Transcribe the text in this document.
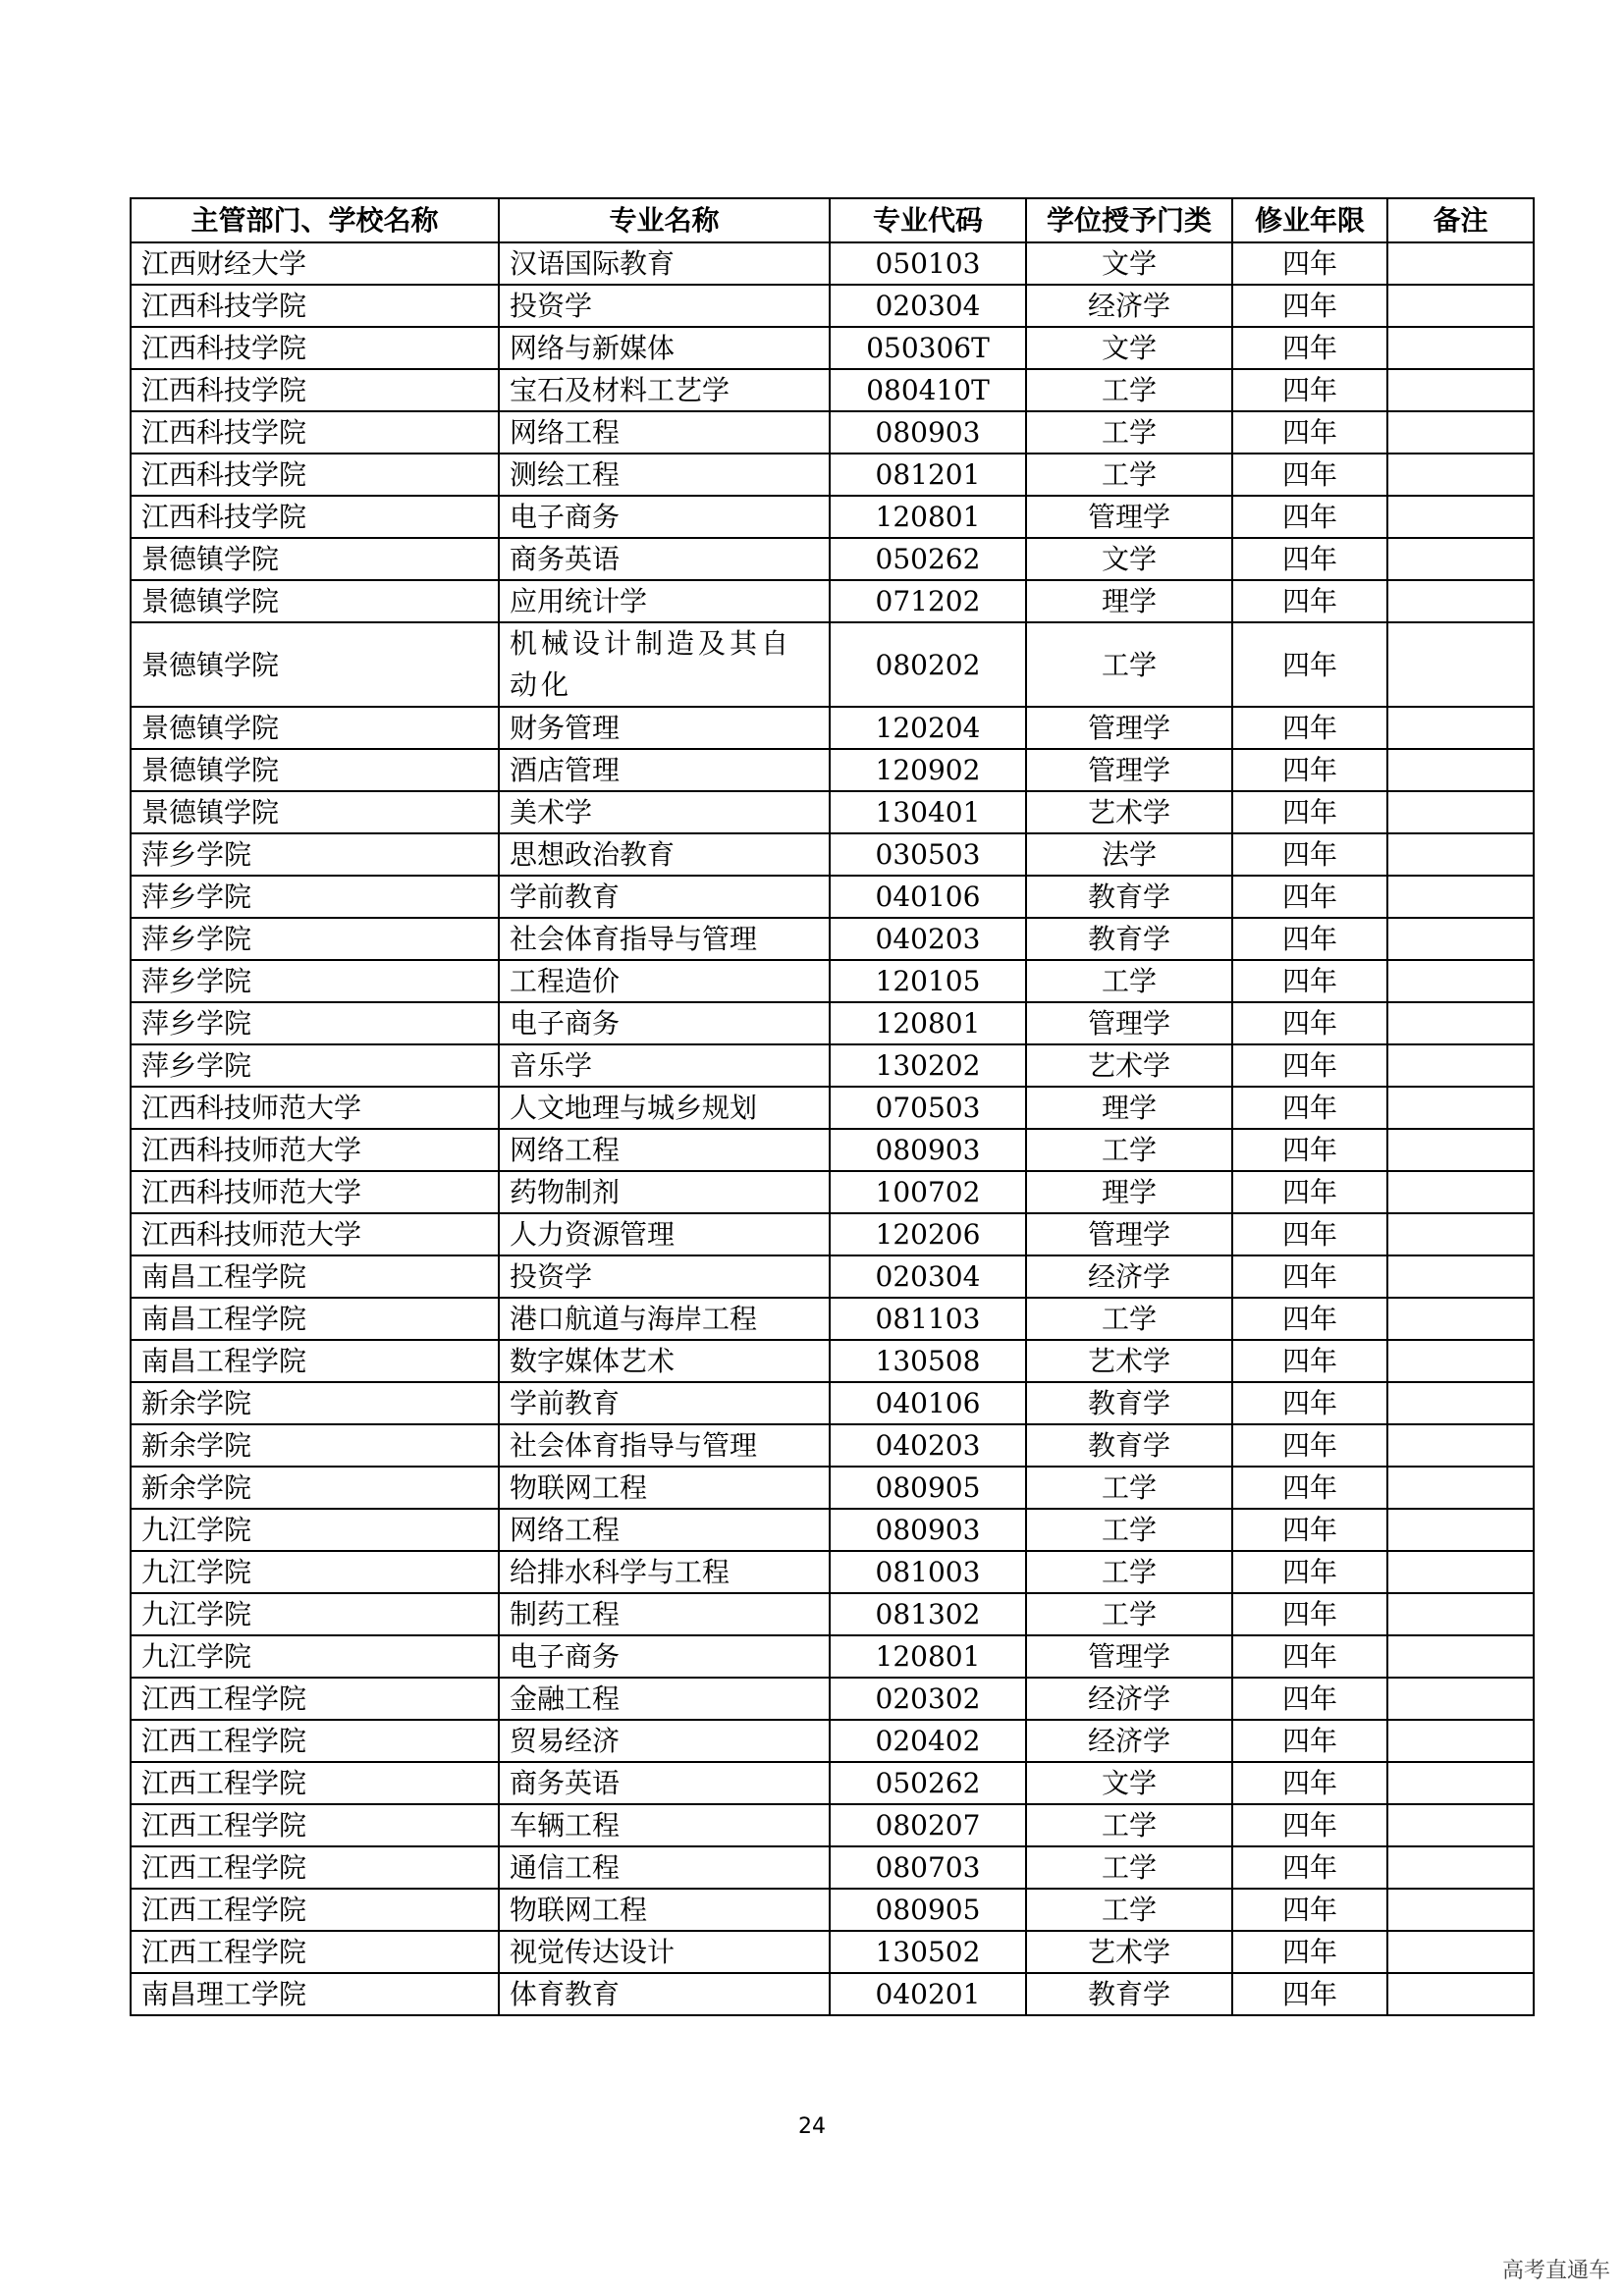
主管部门、学校名称	专业名称	专业代码	学位授予门类	修业年限	备注
江西财经大学	汉语国际教育	050103	文学	四年	
江西科技学院	投资学	020304	经济学	四年	
江西科技学院	网络与新媒体	050306T	文学	四年	
江西科技学院	宝石及材料工艺学	080410T	工学	四年	
江西科技学院	网络工程	080903	工学	四年	
江西科技学院	测绘工程	081201	工学	四年	
江西科技学院	电子商务	120801	管理学	四年	
景德镇学院	商务英语	050262	文学	四年	
景德镇学院	应用统计学	071202	理学	四年	
景德镇学院	机械设计制造及其自动化	080202	工学	四年	
景德镇学院	财务管理	120204	管理学	四年	
景德镇学院	酒店管理	120902	管理学	四年	
景德镇学院	美术学	130401	艺术学	四年	
萍乡学院	思想政治教育	030503	法学	四年	
萍乡学院	学前教育	040106	教育学	四年	
萍乡学院	社会体育指导与管理	040203	教育学	四年	
萍乡学院	工程造价	120105	工学	四年	
萍乡学院	电子商务	120801	管理学	四年	
萍乡学院	音乐学	130202	艺术学	四年	
江西科技师范大学	人文地理与城乡规划	070503	理学	四年	
江西科技师范大学	网络工程	080903	工学	四年	
江西科技师范大学	药物制剂	100702	理学	四年	
江西科技师范大学	人力资源管理	120206	管理学	四年	
南昌工程学院	投资学	020304	经济学	四年	
南昌工程学院	港口航道与海岸工程	081103	工学	四年	
南昌工程学院	数字媒体艺术	130508	艺术学	四年	
新余学院	学前教育	040106	教育学	四年	
新余学院	社会体育指导与管理	040203	教育学	四年	
新余学院	物联网工程	080905	工学	四年	
九江学院	网络工程	080903	工学	四年	
九江学院	给排水科学与工程	081003	工学	四年	
九江学院	制药工程	081302	工学	四年	
九江学院	电子商务	120801	管理学	四年	
江西工程学院	金融工程	020302	经济学	四年	
江西工程学院	贸易经济	020402	经济学	四年	
江西工程学院	商务英语	050262	文学	四年	
江西工程学院	车辆工程	080207	工学	四年	
江西工程学院	通信工程	080703	工学	四年	
江西工程学院	物联网工程	080905	工学	四年	
江西工程学院	视觉传达设计	130502	艺术学	四年	
南昌理工学院	体育教育	040201	教育学	四年	
24
高考直通车
